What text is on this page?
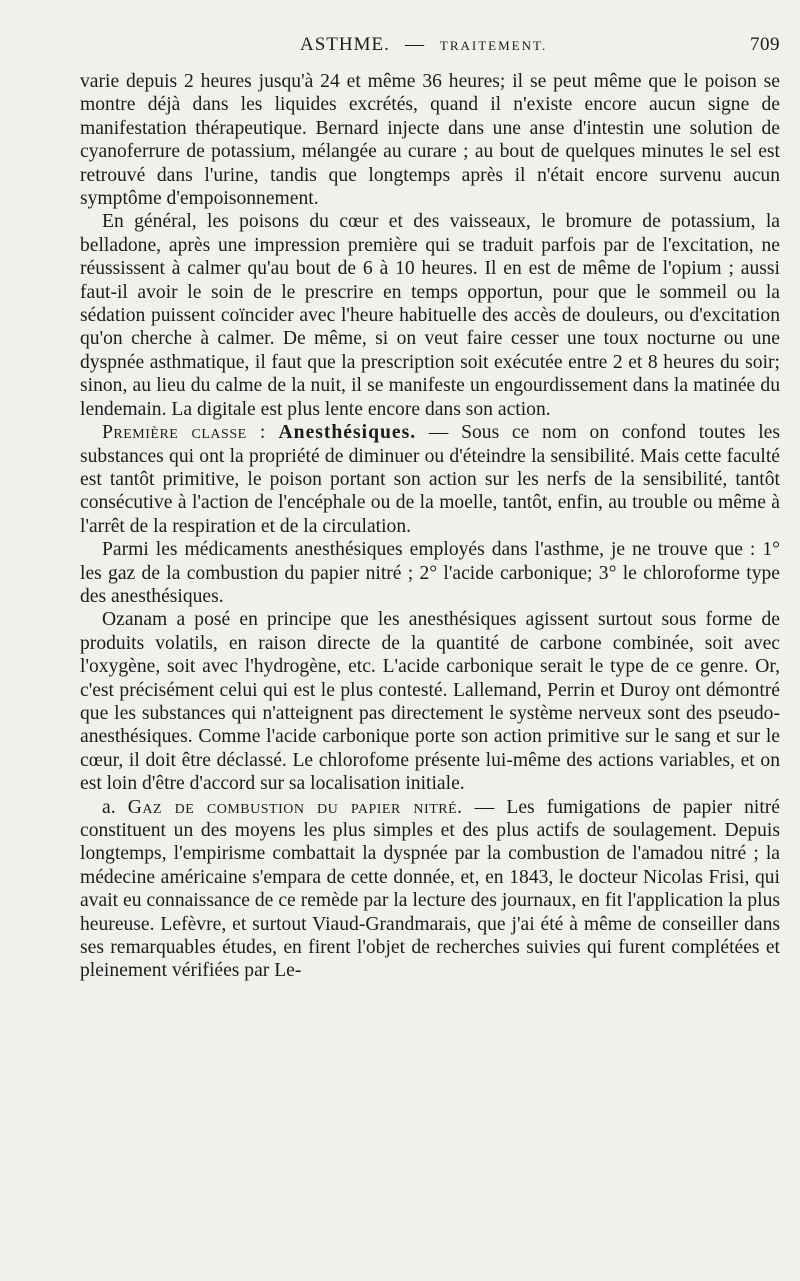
ASTHME. — TRAITEMENT.	709

varie depuis 2 heures jusqu'à 24 et même 36 heures; il se peut même que le poison se montre déjà dans les liquides excrétés, quand il n'existe encore aucun signe de manifestation thérapeutique. Bernard injecte dans une anse d'intestin une solution de cyanoferrure de potassium, mélangée au curare ; au bout de quelques minutes le sel est retrouvé dans l'urine, tandis que longtemps après il n'était encore survenu aucun symptôme d'empoisonnement.

En général, les poisons du cœur et des vaisseaux, le bromure de potassium, la belladone, après une impression première qui se traduit parfois par de l'excitation, ne réussissent à calmer qu'au bout de 6 à 10 heures. Il en est de même de l'opium ; aussi faut-il avoir le soin de le prescrire en temps opportun, pour que le sommeil ou la sédation puissent coïncider avec l'heure habituelle des accès de douleurs, ou d'excitation qu'on cherche à calmer. De même, si on veut faire cesser une toux nocturne ou une dyspnée asthmatique, il faut que la prescription soit exécutée entre 2 et 8 heures du soir; sinon, au lieu du calme de la nuit, il se manifeste un engourdissement dans la matinée du lendemain. La digitale est plus lente encore dans son action.

Première classe : Anesthésiques. — Sous ce nom on confond toutes les substances qui ont la propriété de diminuer ou d'éteindre la sensibilité. Mais cette faculté est tantôt primitive, le poison portant son action sur les nerfs de la sensibilité, tantôt consécutive à l'action de l'encéphale ou de la moelle, tantôt, enfin, au trouble ou même à l'arrêt de la respiration et de la circulation.

Parmi les médicaments anesthésiques employés dans l'asthme, je ne trouve que : 1° les gaz de la combustion du papier nitré ; 2° l'acide carbonique; 3° le chloroforme type des anesthésiques.

Ozanam a posé en principe que les anesthésiques agissent surtout sous forme de produits volatils, en raison directe de la quantité de carbone combinée, soit avec l'oxygène, soit avec l'hydrogène, etc. L'acide carbonique serait le type de ce genre. Or, c'est précisément celui qui est le plus contesté. Lallemand, Perrin et Duroy ont démontré que les substances qui n'atteignent pas directement le système nerveux sont des pseudo-anesthésiques. Comme l'acide carbonique porte son action primitive sur le sang et sur le cœur, il doit être déclassé. Le chlorofome présente lui-même des actions variables, et on est loin d'être d'accord sur sa localisation initiale.

a. Gaz de combustion du papier nitré. — Les fumigations de papier nitré constituent un des moyens les plus simples et des plus actifs de soulagement. Depuis longtemps, l'empirisme combattait la dyspnée par la combustion de l'amadou nitré ; la médecine américaine s'empara de cette donnée, et, en 1843, le docteur Nicolas Frisi, qui avait eu connaissance de ce remède par la lecture des journaux, en fit l'application la plus heureuse. Lefèvre, et surtout Viaud-Grandmarais, que j'ai été à même de conseiller dans ses remarquables études, en firent l'objet de recherches suivies qui furent complétées et pleinement vérifiées par Le-
